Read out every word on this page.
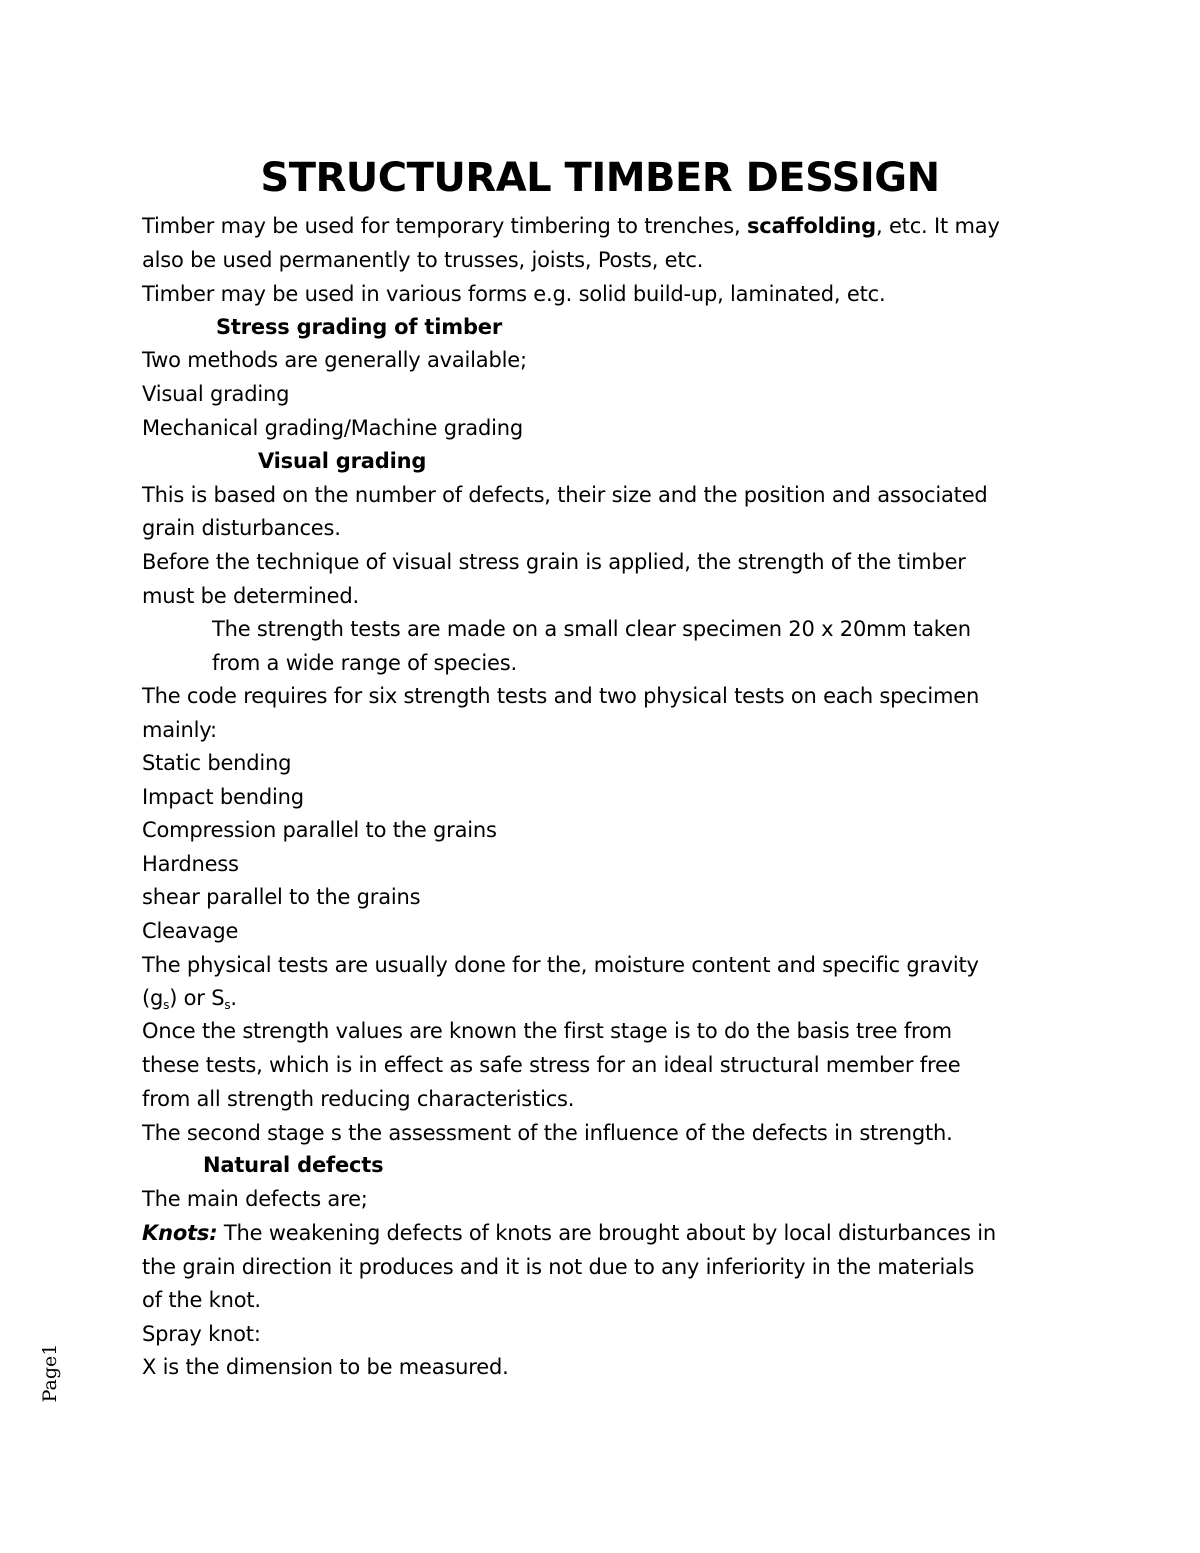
STRUCTURAL TIMBER DESSIGN
Timber may be used for temporary timbering to trenches, scaffolding, etc. It may
also be used permanently to trusses, joists, Posts, etc.
Timber may be used in various forms e.g. solid build-up, laminated, etc.
Stress grading of timber
Two methods are generally available;
Visual grading
Mechanical grading/Machine grading
Visual grading
This is based on the number of defects, their size and the position and associated
grain disturbances.
Before the technique of visual stress grain is applied, the strength of the timber
must be determined.
The strength tests are made on a small clear specimen 20 x 20mm taken
from a wide range of species.
The code requires for six strength tests and two physical tests on each specimen
mainly:
Static bending
Impact bending
Compression parallel to the grains
Hardness
shear parallel to the grains
Cleavage
The physical tests are usually done for the, moisture content and specific gravity
$(g_s)$ or $S_s$.
Once the strength values are known the first stage is to do the basis tree from
these tests, which is in effect as safe stress for an ideal structural member free
from all strength reducing characteristics.
The second stage s the assessment of the influence of the defects in strength.
Natural defects
The main defects are;
Knots: The weakening defects of knots are brought about by local disturbances in
the grain direction it produces and it is not due to any inferiority in the materials
of the knot.
Spray knot:
X is the dimension to be measured.
Page1
